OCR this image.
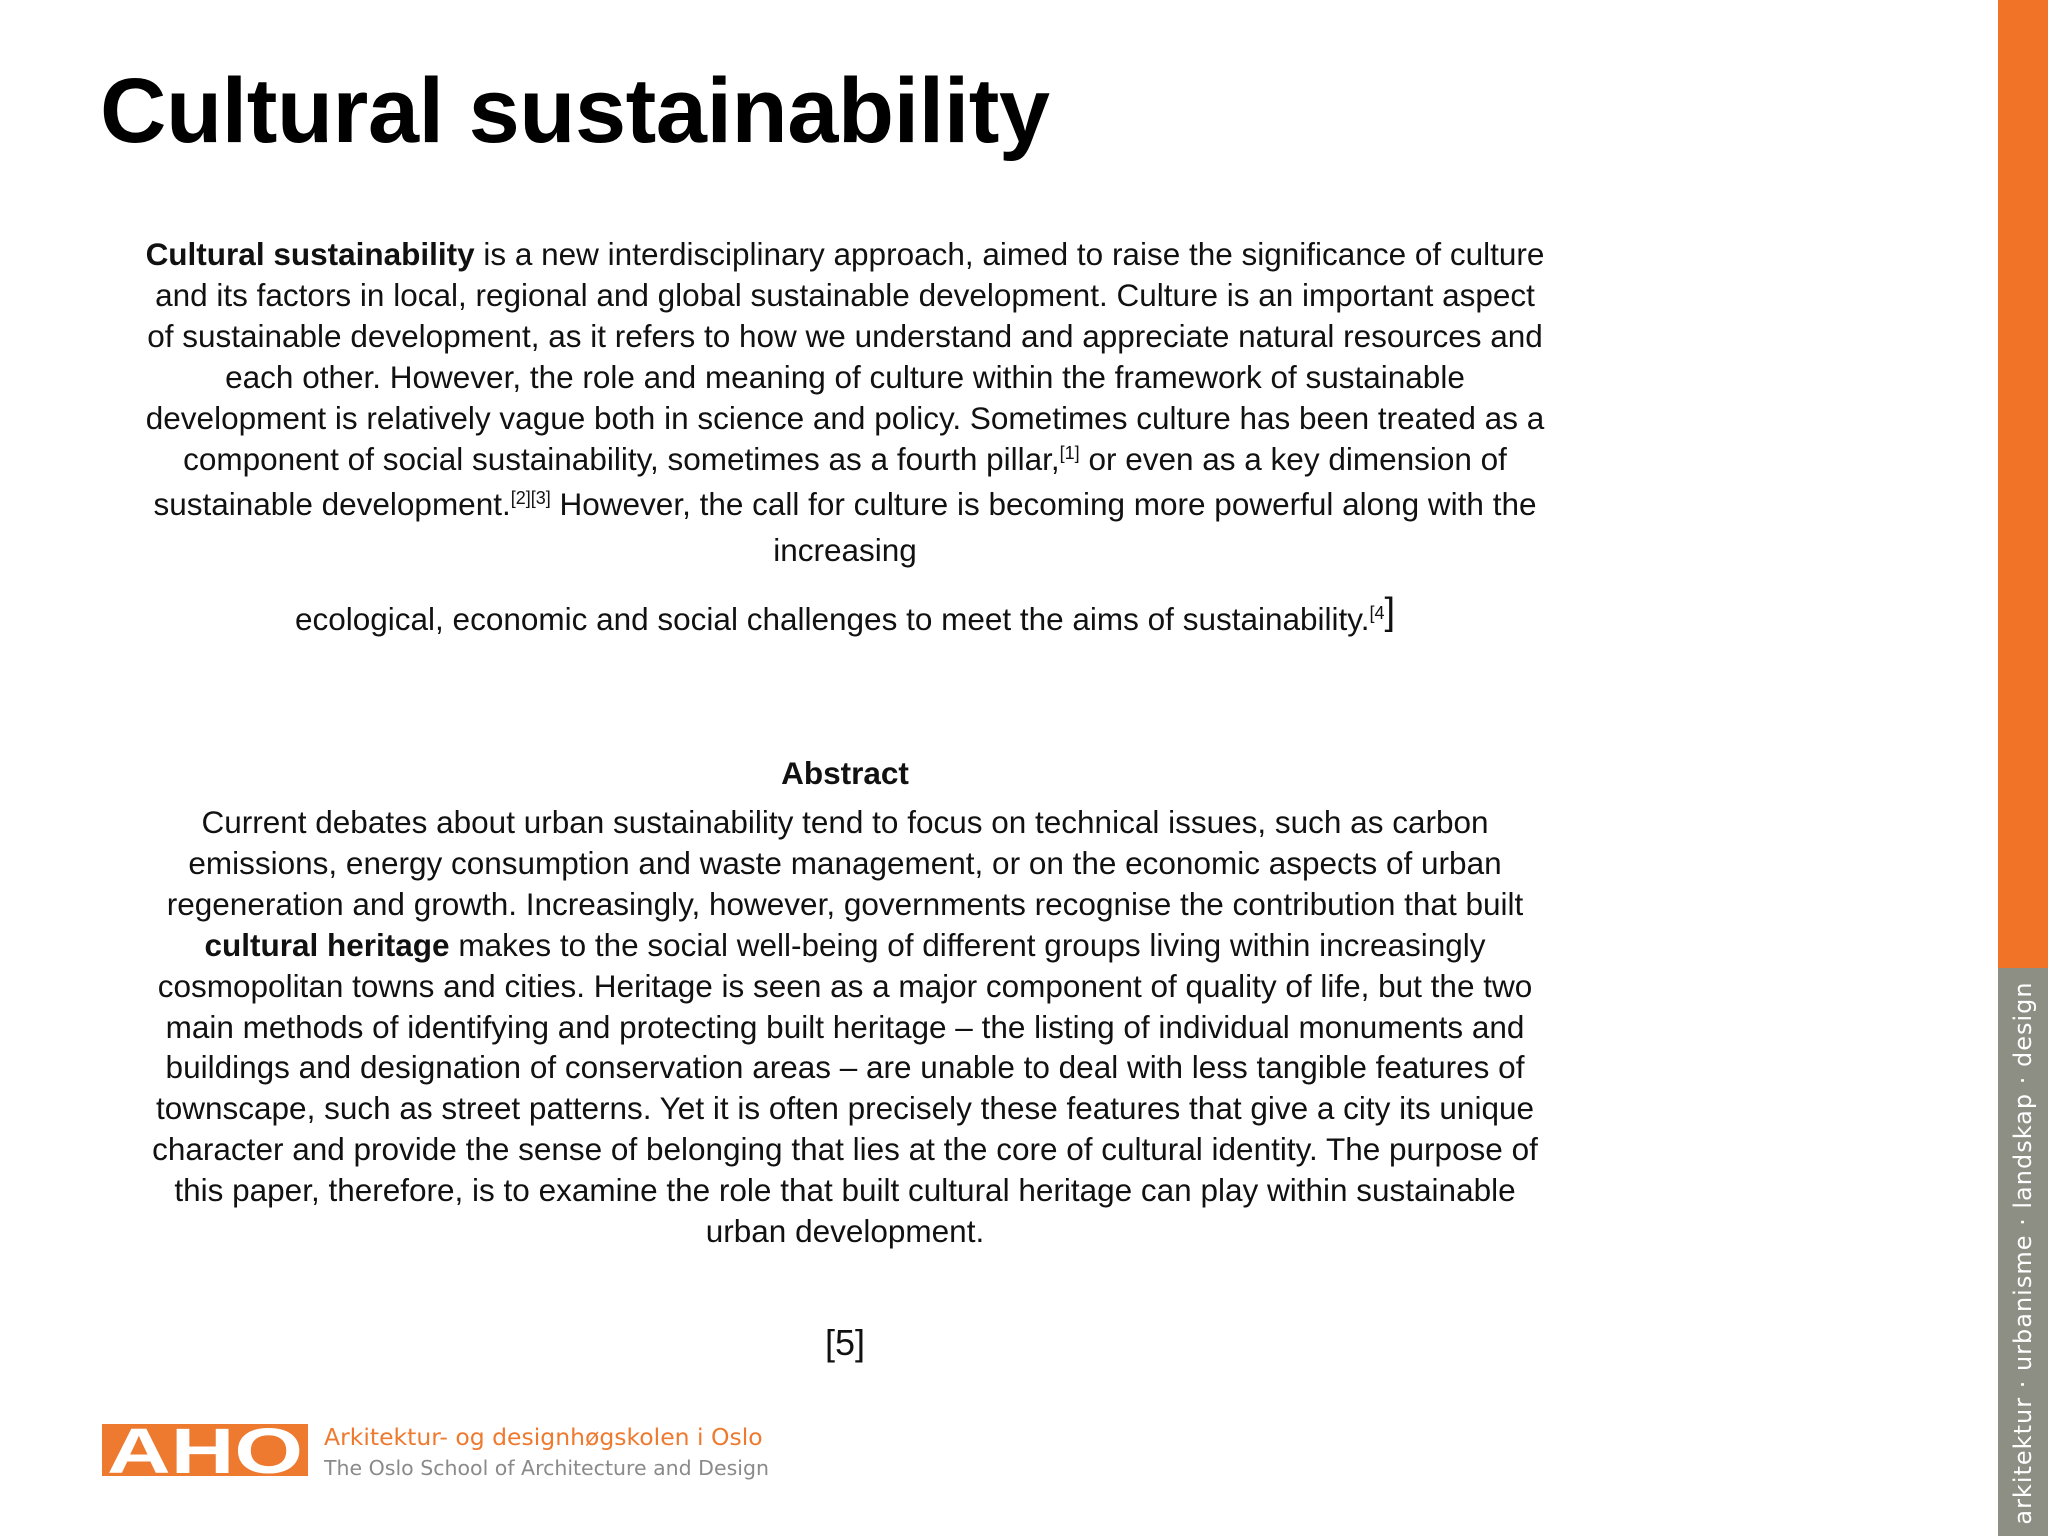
Cultural sustainability

Cultural sustainability is a new interdisciplinary approach, aimed to raise the significance of culture and its factors in local, regional and global sustainable development. Culture is an important aspect of sustainable development, as it refers to how we understand and appreciate natural resources and each other. However, the role and meaning of culture within the framework of sustainable development is relatively vague both in science and policy. Sometimes culture has been treated as a component of social sustainability, sometimes as a fourth pillar,[1] or even as a key dimension of sustainable development.[2][3] However, the call for culture is becoming more powerful along with the increasing
ecological, economic and social challenges to meet the aims of sustainability.$^{[4}$]

Abstract

Current debates about urban sustainability tend to focus on technical issues, such as carbon emissions, energy consumption and waste management, or on the economic aspects of urban regeneration and growth. Increasingly, however, governments recognise the contribution that built cultural heritage makes to the social well-being of different groups living within increasingly cosmopolitan towns and cities. Heritage is seen as a major component of quality of life, but the two main methods of identifying and protecting built heritage – the listing of individual monuments and buildings and designation of conservation areas – are unable to deal with less tangible features of townscape, such as street patterns. Yet it is often precisely these features that give a city its unique character and provide the sense of belonging that lies at the core of cultural identity. The purpose of this paper, therefore, is to examine the role that built cultural heritage can play within sustainable urban development.

[5]	arkitektur · urbanisme · landskap · design
AHO Arkitektur- og designhøgskolen i Oslo

The Oslo School of Architecture and Design
